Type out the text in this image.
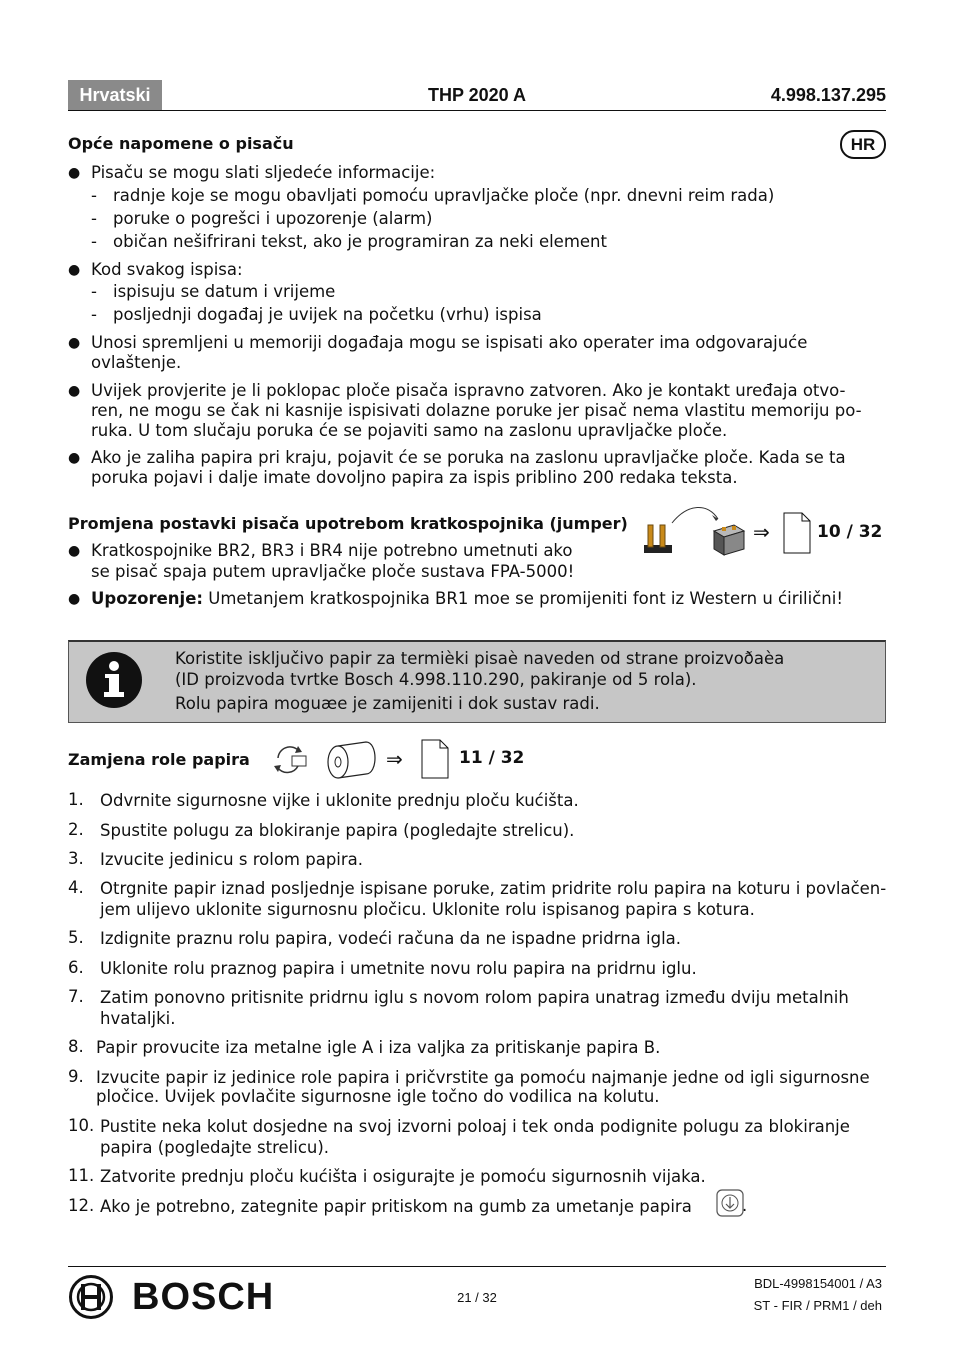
Hrvatski	THP 2020 A	4.998.137.295
Opće napomene o pisaču	HR
● Pisaču se mogu slati sljedeće informacije:
- radnje koje se mogu obavljati pomoću upravljačke ploče (npr. dnevni reim rada)
- poruke o pogrešci i upozorenje (alarm)
- običan nešifrirani tekst, ako je programiran za neki element
● Kod svakog ispisa:
- ispisuju se datum i vrijeme
- posljednji događaj je uvijek na početku (vrhu) ispisa
● Unosi spremljeni u memoriji događaja mogu se ispisati ako operater ima odgovarajuće
ovlaštenje.
● Uvijek provjerite je li poklopac ploče pisača ispravno zatvoren. Ako je kontakt uređaja otvo-
ren, ne mogu se čak ni kasnije ispisivati dolazne poruke jer pisač nema vlastitu memoriju po-
ruka. U tom slučaju poruka će se pojaviti samo na zaslonu upravljačke ploče.
● Ako je zaliha papira pri kraju, pojavit će se poruka na zaslonu upravljačke ploče. Kada se ta
poruka pojavi i dalje imate dovoljno papira za ispis priblino 200 redaka teksta.
Promjena postavki pisača upotrebom kratkospojnika (jumper)	⇒	10 / 32
● Kratkospojnike BR2, BR3 i BR4 nije potrebno umetnuti ako
se pisač spaja putem upravljačke ploče sustava FPA-5000!
● Upozorenje: Umetanjem kratkospojnika BR1 moe se promijeniti font iz Western u ćirilični!
Koristite isključivo papir za termièki pisaè naveden od strane proizvoðaèa
(ID proizvoda tvrtke Bosch 4.998.110.290, pakiranje od 5 rola).
Rolu papira moguæe je zamijeniti i dok sustav radi.
Zamjena role papira	⇒	11 / 32
1. Odvrnite sigurnosne vijke i uklonite prednju ploču kućišta.
2. Spustite polugu za blokiranje papira (pogledajte strelicu).
3. Izvucite jedinicu s rolom papira.
4. Otrgnite papir iznad posljednje ispisane poruke, zatim pridrite rolu papira na koturu i povlačen-
jem ulijevo uklonite sigurnosnu pločicu. Uklonite rolu ispisanog papira s kotura.
5. Izdignite praznu rolu papira, vodeći računa da ne ispadne pridrna igla.
6. Uklonite rolu praznog papira i umetnite novu rolu papira na pridrnu iglu.
7. Zatim ponovno pritisnite pridrnu iglu s novom rolom papira unatrag između dviju metalnih
hvataljki.
8. Papir provucite iza metalne igle A i iza valjka za pritiskanje papira B.
9. Izvucite papir iz jedinice role papira i pričvrstite ga pomoću najmanje jedne od igli sigurnosne
pločice. Uvijek povlačite sigurnosne igle točno do vodilica na kolutu.
10. Pustite neka kolut dosjedne na svoj izvorni poloaj i tek onda podignite polugu za blokiranje
papira (pogledajte strelicu).
11. Zatvorite prednju ploču kućišta i osigurajte je pomoću sigurnosnih vijaka.
12. Ako je potrebno, zategnite papir pritiskom na gumb za umetanje papira	.
BOSCH	21 / 32
BDL-4998154001 / A3
ST - FIR / PRM1 / deh
